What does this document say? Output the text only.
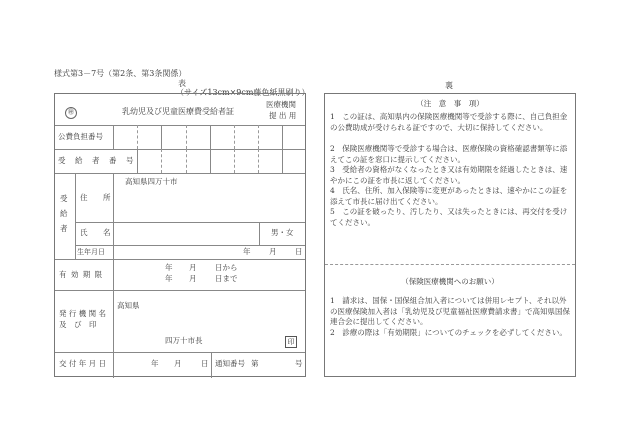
様式第3－7号（第2条、第3条関係）
表
（サイズ13cm×9cm藤色紙黒刷り）
裏
㊙	乳幼児及び児童医療費受給者証
医療機関
提 出 用
公費負担番号
受　給　者　番　号
受
給
者
住 所
高知県四万十市
氏 名	男・女
生年月日	年 月 日
有 効 期 限
年 月 日から
年 月 日まで
発 行 機 関 名
及　び　印
高知県
四万十市長	印
交 付 年 月 日	年 月	日 通知番号 第	号
（注　意　事　項）
1　この証は、高知県内の保険医療機関等で受診する際に、自己負担金の公費助成が受けられる証ですので、大切に保持してください。
2　保険医療機関等で受診する場合は、医療保険の資格確認書類等に添えてこの証を窓口に提示してください。
3　受給者の資格がなくなったとき又は有効期限を経過したときは、速やかにこの証を市長に返してください。
4　氏名、住所、加入保険等に変更があったときは、速やかにこの証を添えて市長に届け出てください。
5　この証を破ったり、汚したり、又は失ったときには、再交付を受けてください。
（保険医療機関へのお願い）
1　請求は、国保・国保組合加入者については併用レセプト、それ以外の医療保険加入者は「乳幼児及び児童福祉医療費請求書」で高知県国保連合会に提出してください。
2　診療の際は「有効期限」についてのチェックを必ずしてください。
